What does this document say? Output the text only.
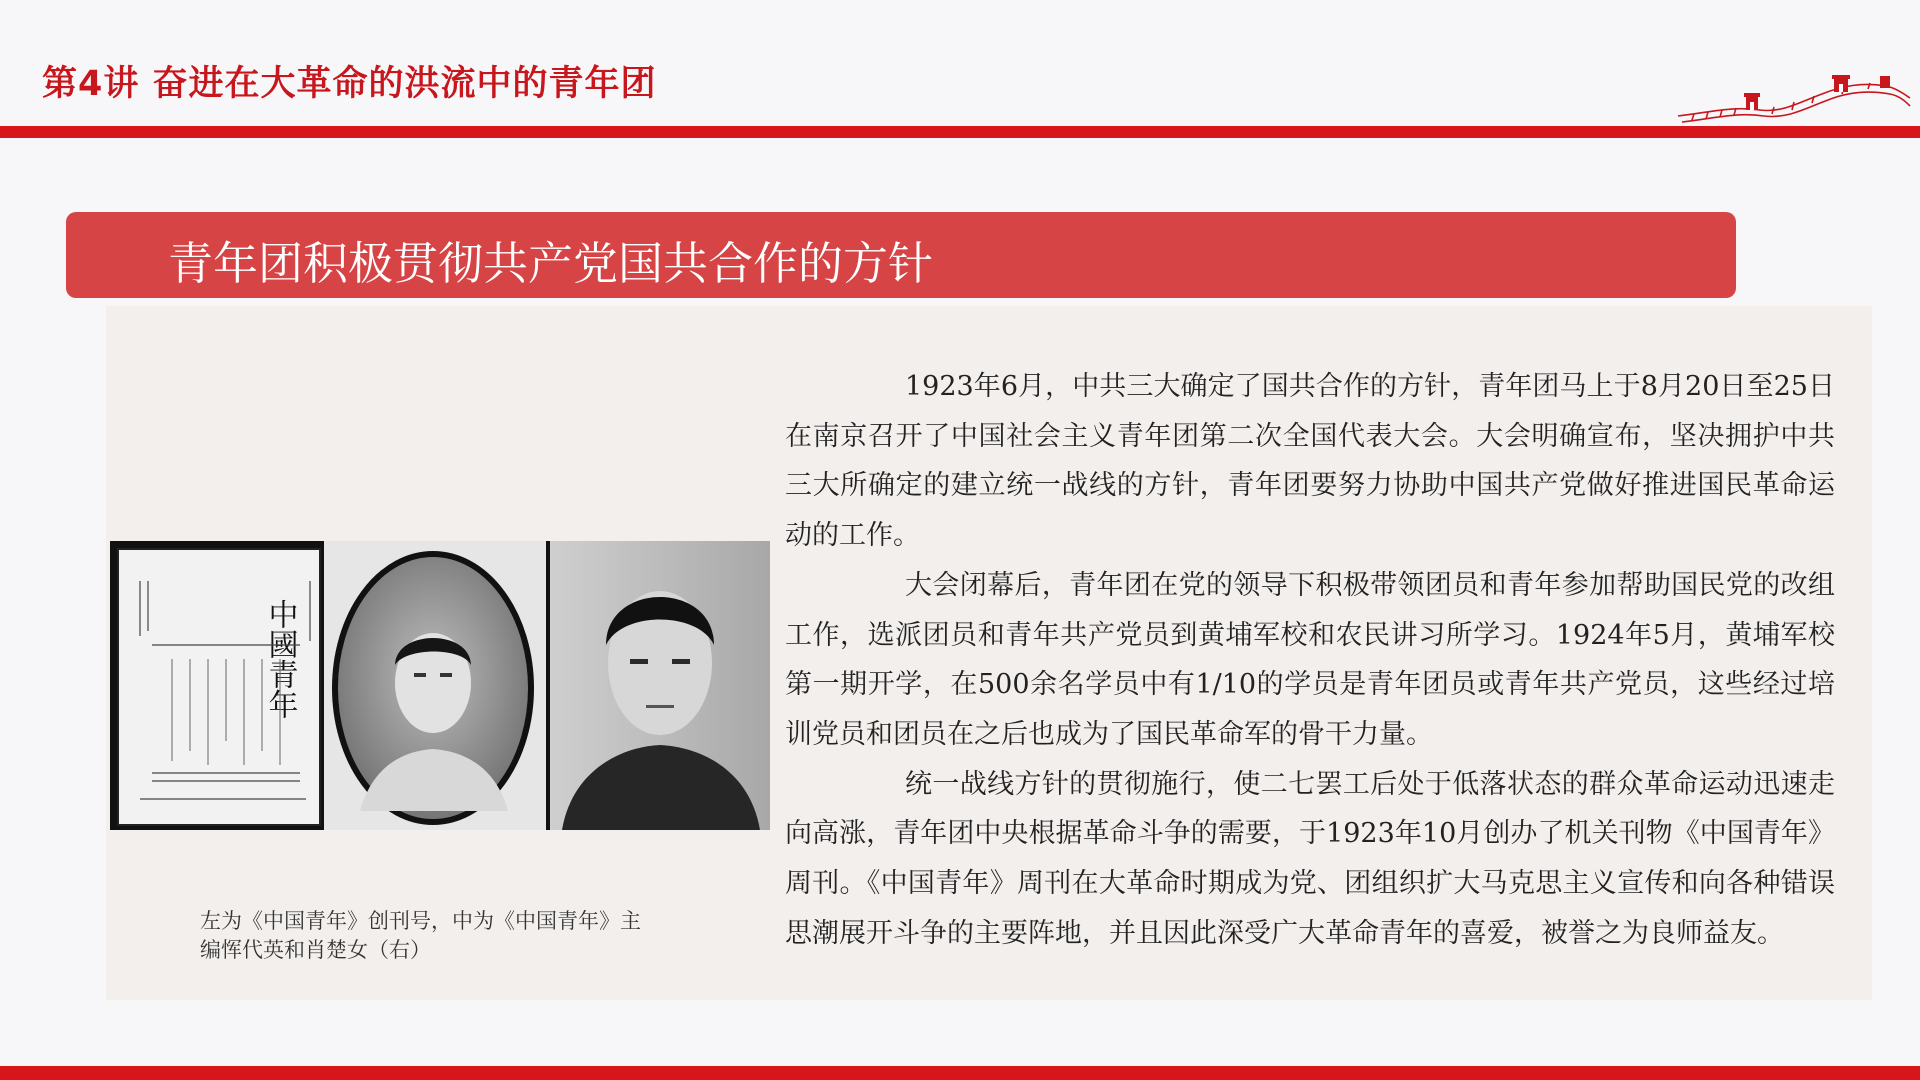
第4讲 奋进在大革命的洪流中的青年团
青年团积极贯彻共产党国共合作的方针
中國青年
左为《中国青年》创刊号，中为《中国青年》主编恽代英和肖楚女（右）

1923年6月，中共三大确定了国共合作的方针，青年团马上于8月20日至25日在南京召开了中国社会主义青年团第二次全国代表大会。大会明确宣布，坚决拥护中共三大所确定的建立统一战线的方针，青年团要努力协助中国共产党做好推进国民革命运动的工作。

大会闭幕后，青年团在党的领导下积极带领团员和青年参加帮助国民党的改组工作，选派团员和青年共产党员到黄埔军校和农民讲习所学习。1924年5月，黄埔军校第一期开学，在500余名学员中有1/10的学员是青年团员或青年共产党员，这些经过培训党员和团员在之后也成为了国民革命军的骨干力量。

统一战线方针的贯彻施行，使二七罢工后处于低落状态的群众革命运动迅速走向高涨，青年团中央根据革命斗争的需要，于1923年10月创办了机关刊物《中国青年》周刊。《中国青年》周刊在大革命时期成为党、团组织扩大马克思主义宣传和向各种错误思潮展开斗争的主要阵地，并且因此深受广大革命青年的喜爱，被誉之为良师益友。
